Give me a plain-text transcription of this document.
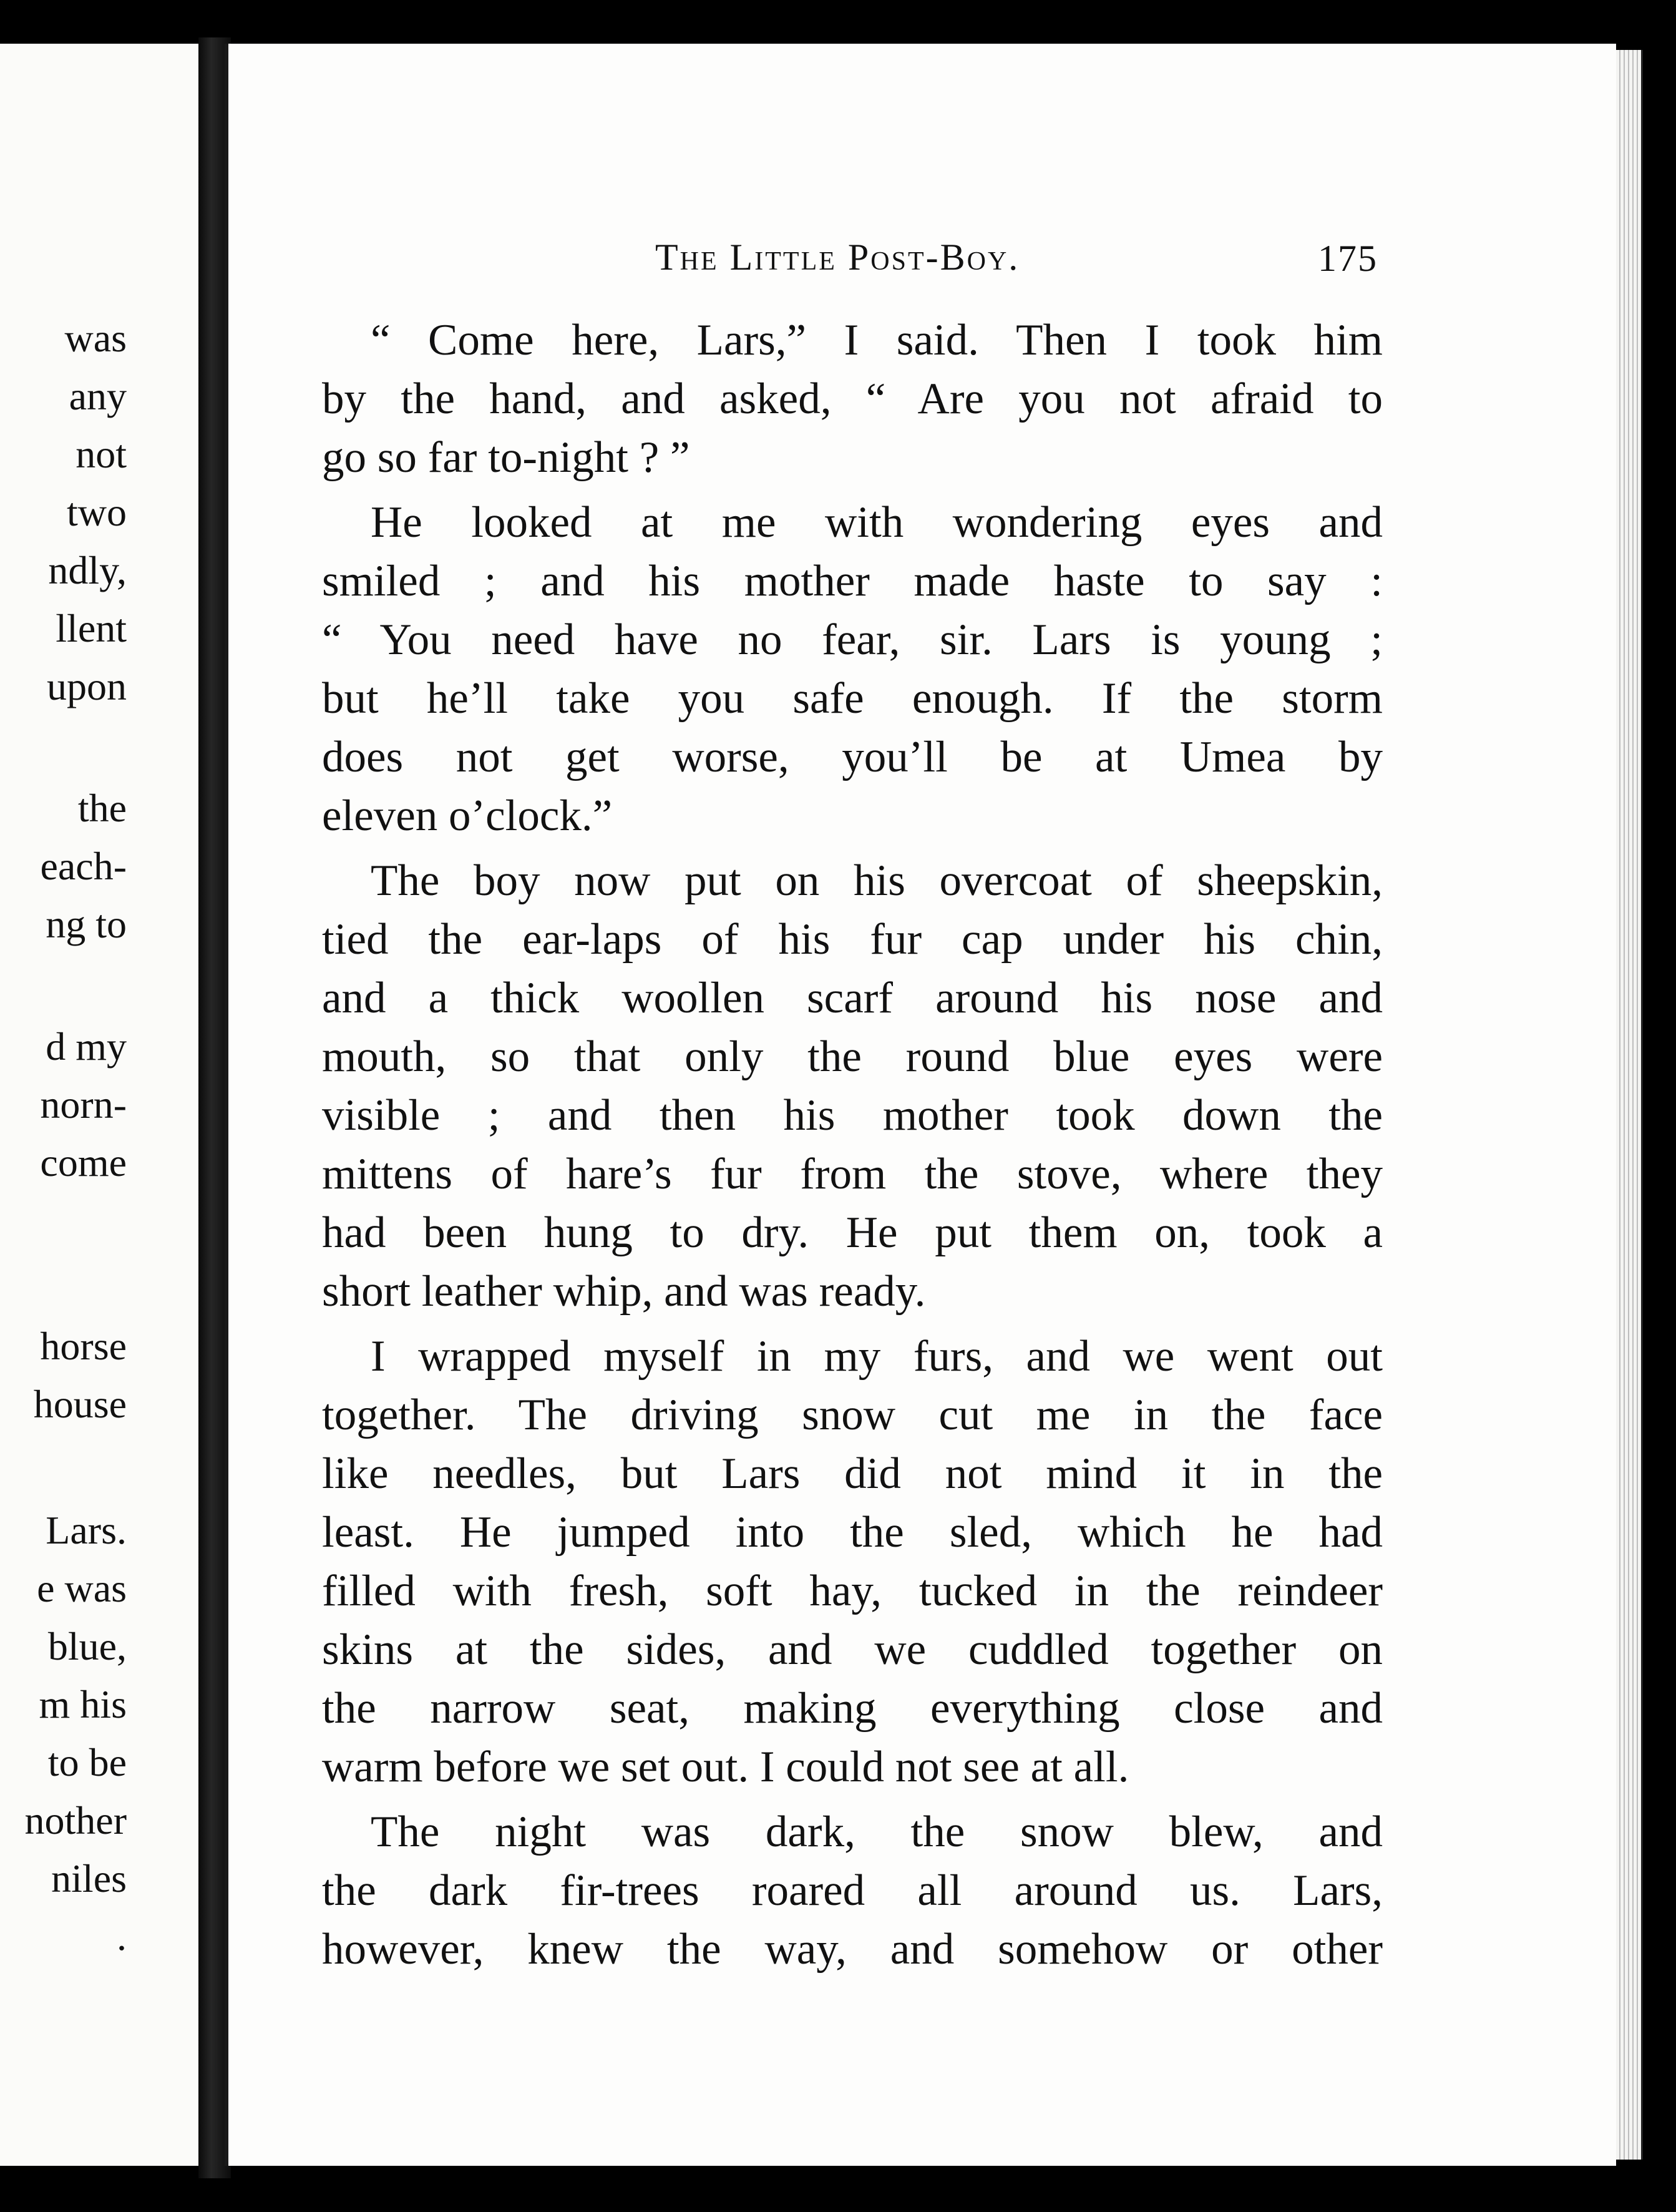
was
any
not
two
ndly,
llent
upon
the
each-
ng to
d my
norn-
come
horse
house
Lars.
e was
blue,
m his
to be
nother
niles
.
The Little Post-Boy.	175
“ Come here, Lars,” I said. Then I took him
by the hand, and asked, “ Are you not afraid to
go so far to-night ? ”
He looked at me with wondering eyes and
smiled ; and his mother made haste to say :
“ You need have no fear, sir. Lars is young ;
but he’ll take you safe enough. If the storm
does not get worse, you’ll be at Umea by
eleven o’clock.”
The boy now put on his overcoat of sheepskin,
tied the ear-laps of his fur cap under his chin,
and a thick woollen scarf around his nose and
mouth, so that only the round blue eyes were
visible ; and then his mother took down the
mittens of hare’s fur from the stove, where they
had been hung to dry. He put them on, took a
short leather whip, and was ready.
I wrapped myself in my furs, and we went out
together. The driving snow cut me in the face
like needles, but Lars did not mind it in the
least. He jumped into the sled, which he had
filled with fresh, soft hay, tucked in the reindeer
skins at the sides, and we cuddled together on
the narrow seat, making everything close and
warm before we set out. I could not see at all.
The night was dark, the snow blew, and
the dark fir-trees roared all around us. Lars,
however, knew the way, and somehow or other
